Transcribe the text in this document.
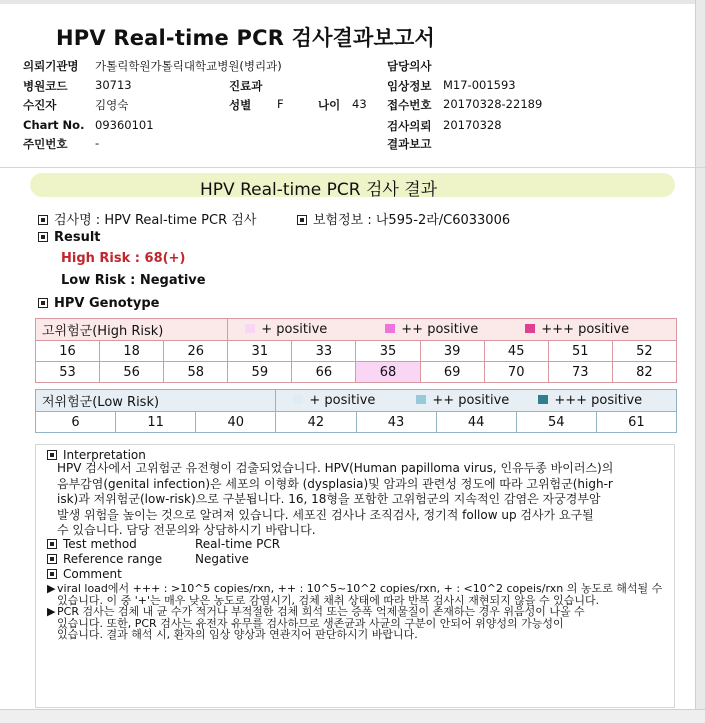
HPV Real-time PCR 검사결과보고서
의뢰기관명 가톨릭학원가톨릭대학교병원(병리과)	담당의사
병원코드 30713	진료과	임상정보 M17-001593
수진자	김영숙	성별 F	나이 43 접수번호 20170328-22189
Chart No. 09360101	검사의뢰 20170328
주민번호 -	결과보고
HPV Real-time PCR 검사 결과
검사명 : HPV Real-time PCR 검사	보험정보 : 나595-2라/C6033006
Result
High Risk : 68(+)
Low Risk : Negative
HPV Genotype
고위험군(High Risk)			+ positive ++ positive +++ positive						

16	18	26	31	33	35	39	45	51	52
53	56	58	59	66	68	69	70	73	82
저위험군(Low Risk)			+ positive ++ positive +++ positive				

6	11	40	42	43	44	54	61
Interpretation
HPV 검사에서 고위험군 유전형이 검출되었습니다. HPV(Human papilloma virus, 인유두종 바이러스)의
음부감염(genital infection)은 세포의 이형화 (dysplasia)및 암과의 관련성 정도에 따라 고위험군(high-r
isk)과 저위험군(low-risk)으로 구분됩니다. 16, 18형을 포함한 고위험군의 지속적인 감염은 자궁경부암
발생 위험을 높이는 것으로 알려져 있습니다. 세포진 검사나 조직검사, 정기적 follow up 검사가 요구될
수 있습니다. 담당 전문의와 상담하시기 바랍니다.
Test method	Real-time PCR
Reference range	Negative
Comment
▶ viral load에서 +++ : >10^5 copies/rxn, ++ : 10^5~10^2 copies/rxn, + : <10^2 copeis/rxn 의 농도로 해석될 수
있습니다. 이 중 '+'는 매우 낮은 농도로 감염시기, 검체 채취 상태에 따라 반복 검사시 재현되지 않을 수 있습니다.
▶ PCR 검사는 검체 내 균 수가 적거나 부적절한 검체 희석 또는 증폭 억제물질이 존재하는 경우 위음성이 나올 수
있습니다. 또한, PCR 검사는 유전자 유무를 검사하므로 생존균과 사균의 구분이 안되어 위양성의 가능성이
있습니다. 결과 해석 시, 환자의 임상 양상과 연관지어 판단하시기 바랍니다.
